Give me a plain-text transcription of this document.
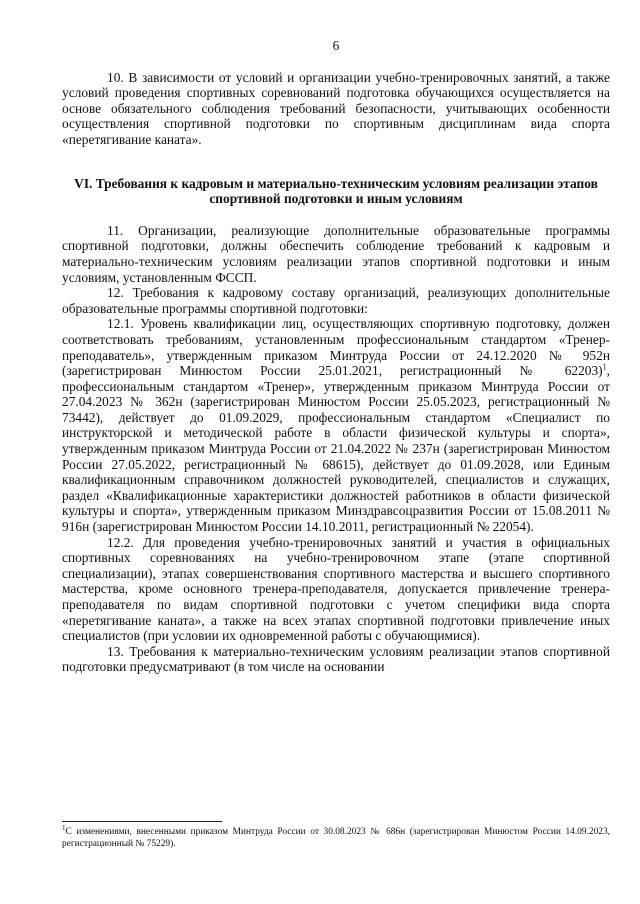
6

10. В зависимости от условий и организации учебно-тренировочных занятий, а также условий проведения спортивных соревнований подготовка обучающихся осуществляется на основе обязательного соблюдения требований безопасности, учитывающих особенности осуществления спортивной подготовки по спортивным дисциплинам вида спорта «перетягивание каната».

VI. Требования к кадровым и материально-техническим условиям реализации этапов спортивной подготовки и иным условиям

11. Организации, реализующие дополнительные образовательные программы спортивной подготовки, должны обеспечить соблюдение требований к кадровым и материально-техническим условиям реализации этапов спортивной подготовки и иным условиям, установленным ФССП.

12. Требования к кадровому составу организаций, реализующих дополнительные образовательные программы спортивной подготовки:

12.1. Уровень квалификации лиц, осуществляющих спортивную подготовку, должен соответствовать требованиям, установленным профессиональным стандартом «Тренер-преподаватель», утвержденным приказом Минтруда России от 24.12.2020 № 952н (зарегистрирован Минюстом России 25.01.2021, регистрационный № 62203)$^1$, профессиональным стандартом «Тренер», утвержденным приказом Минтруда России от 27.04.2023 № 362н (зарегистрирован Минюстом России 25.05.2023, регистрационный № 73442), действует до 01.09.2029, профессиональным стандартом «Специалист по инструкторской и методической работе в области физической культуры и спорта», утвержденным приказом Минтруда России от 21.04.2022 № 237н (зарегистрирован Минюстом России 27.05.2022, регистрационный № 68615), действует до 01.09.2028, или Единым квалификационным справочником должностей руководителей, специалистов и служащих, раздел «Квалификационные характеристики должностей работников в области физической культуры и спорта», утвержденным приказом Минздравсоцразвития России от 15.08.2011 № 916н (зарегистрирован Минюстом России 14.10.2011, регистрационный № 22054).

12.2. Для проведения учебно-тренировочных занятий и участия в официальных спортивных соревнованиях на учебно-тренировочном этапе (этапе спортивной специализации), этапах совершенствования спортивного мастерства и высшего спортивного мастерства, кроме основного тренера-преподавателя, допускается привлечение тренера-преподавателя по видам спортивной подготовки с учетом специфики вида спорта «перетягивание каната», а также на всех этапах спортивной подготовки привлечение иных специалистов (при условии их одновременной работы с обучающимися).

13. Требования к материально-техническим условиям реализации этапов спортивной подготовки предусматривают (в том числе на основании

$^1$С изменениями, внесенными приказом Минтруда России от 30.08.2023 № 686н (зарегистрирован Минюстом России 14.09.2023, регистрационный № 75229).
